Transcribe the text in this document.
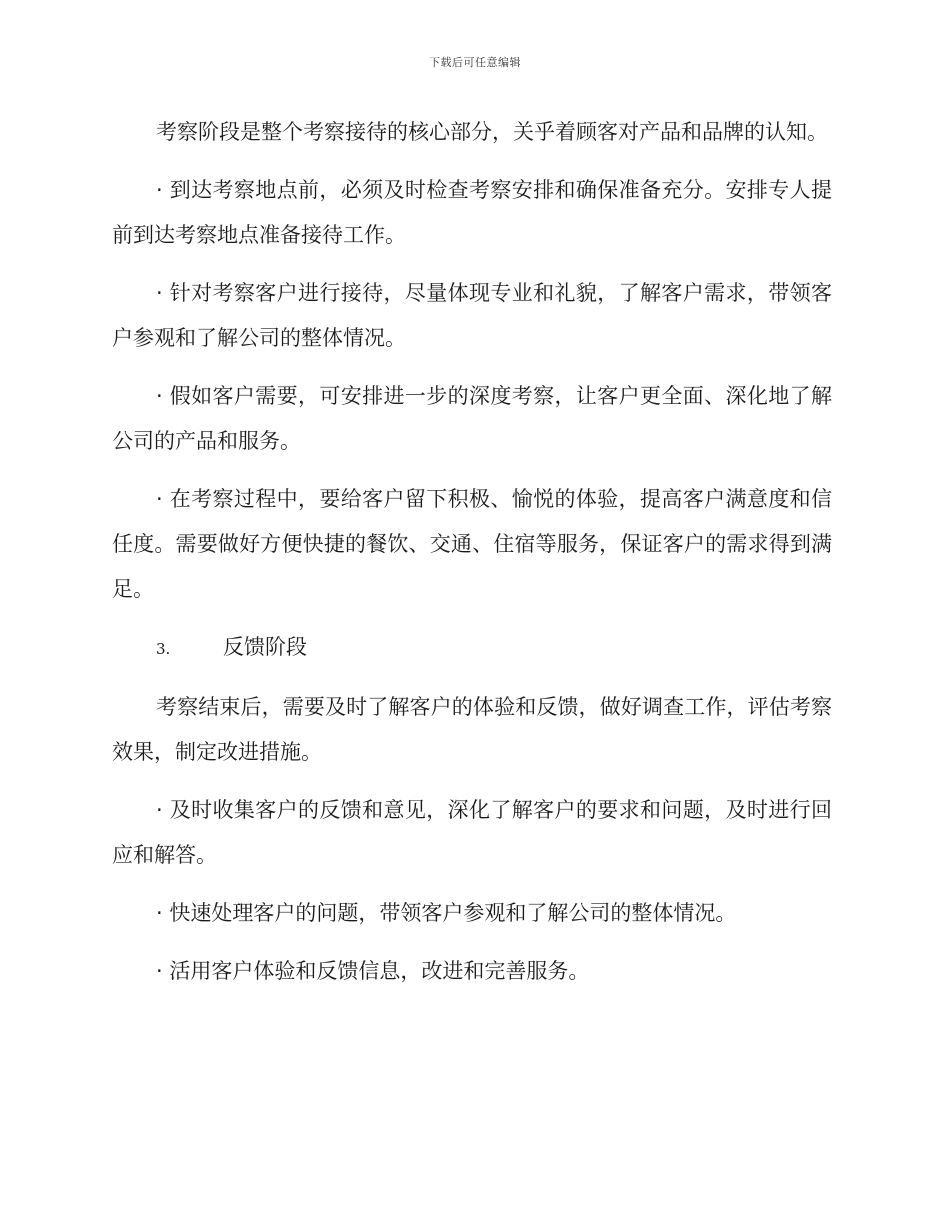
下载后可任意编辑

考察阶段是整个考察接待的核心部分，关乎着顾客对产品和品牌的认知。

· 到达考察地点前，必须及时检查考察安排和确保准备充分。安排专人提前到达考察地点准备接待工作。

· 针对考察客户进行接待，尽量体现专业和礼貌，了解客户需求，带领客户参观和了解公司的整体情况。

· 假如客户需要，可安排进一步的深度考察，让客户更全面、深化地了解公司的产品和服务。

· 在考察过程中，要给客户留下积极、愉悦的体验，提高客户满意度和信任度。需要做好方便快捷的餐饮、交通、住宿等服务，保证客户的需求得到满足。

3.	反馈阶段

考察结束后，需要及时了解客户的体验和反馈，做好调查工作，评估考察效果，制定改进措施。

· 及时收集客户的反馈和意见，深化了解客户的要求和问题，及时进行回应和解答。

· 快速处理客户的问题，带领客户参观和了解公司的整体情况。

· 活用客户体验和反馈信息，改进和完善服务。
